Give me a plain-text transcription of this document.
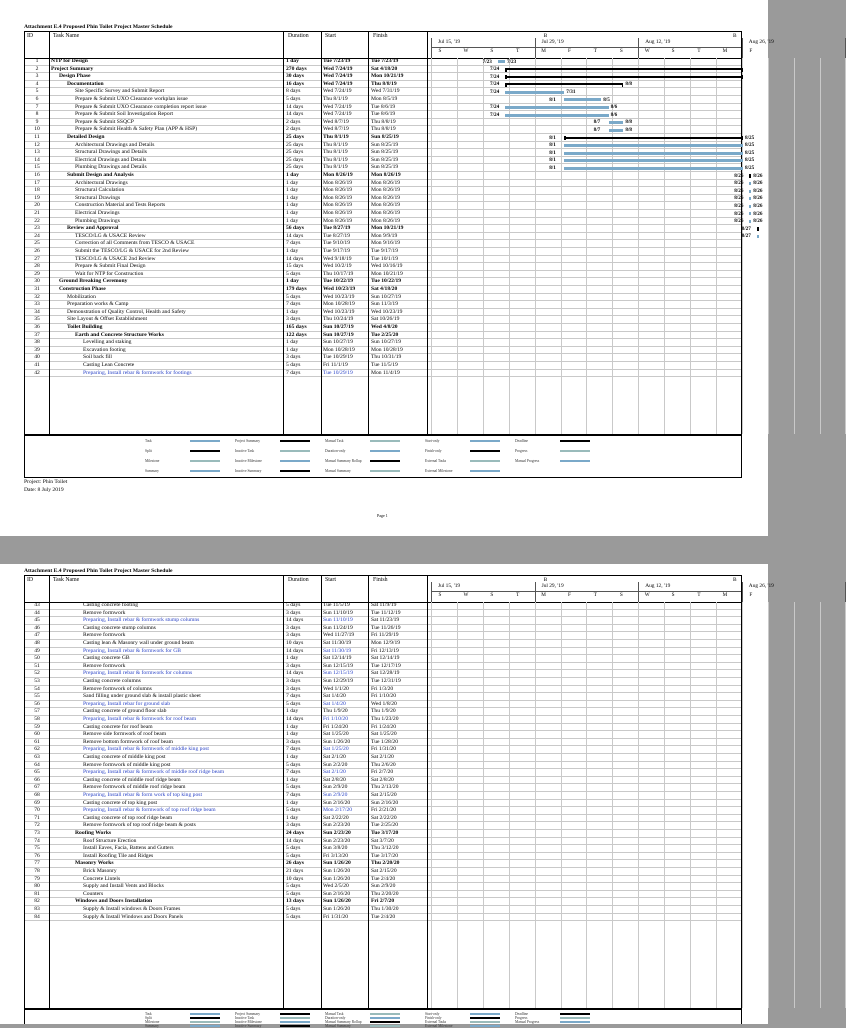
Attachment E.4 Proposed Phin Toilet Project Master Schedule
ID	Task Name	Duration	Start	Finish
Jul 15, '19	Jul 29, '19	Aug 12, '19	Aug 26, '19
B	B
S	W	S	T	M	F	T	S	W	S	T	M	F
1	NTP for Design	1 day	Tue 7/23/19	Tue 7/23/19
2	Project Summary	270 days	Wed 7/24/19	Sat 4/18/20
3	Design Phase	30 days	Wed 7/24/19	Mon 10/21/19
4	Documentation	16 days	Wed 7/24/19	Thu 8/8/19
5	Site Specific Survey and Submit Report	8 days	Wed 7/24/19	Wed 7/31/19
6	Prepare & Submit UXO Clearance workplan issue	5 days	Thu 8/1/19	Mon 8/5/19
7	Prepare & Submit UXO Clearance completion report issue	14 days	Wed 7/24/19	Tue 8/6/19
8	Prepare & Submit Soil Investigation Report	14 days	Wed 7/24/19	Tue 8/6/19
9	Prepare & Submit SSQCP	2 days	Wed 8/7/19	Thu 8/8/19
10	Prepare & Submit Health & Safety Plan (APP & HSP)	2 days	Wed 8/7/19	Thu 8/8/19
11	Detailed Design	25 days	Thu 8/1/19	Sun 8/25/19
12	Architectural Drawings and Details	25 days	Thu 8/1/19	Sun 8/25/19
13	Structural Drawings and Details	25 days	Thu 8/1/19	Sun 8/25/19
14	Electrical Drawings and Details	25 days	Thu 8/1/19	Sun 8/25/19
15	Plumbing Drawings and Details	25 days	Thu 8/1/19	Sun 8/25/19
16	Submit Design and Analysis	1 day	Mon 8/26/19	Mon 8/26/19
17	Architectural Drawings	1 day	Mon 8/26/19	Mon 8/26/19
18	Structural Calculation	1 day	Mon 8/26/19	Mon 8/26/19
19	Structural Drawings	1 day	Mon 8/26/19	Mon 8/26/19
20	Construction Material and Tests Reports	1 day	Mon 8/26/19	Mon 8/26/19
21	Electrical Drawings	1 day	Mon 8/26/19	Mon 8/26/19
22	Plumbing Drawings	1 day	Mon 8/26/19	Mon 8/26/19
23	Review and Approval	56 days	Tue 8/27/19	Mon 10/21/19
24	TESCO/LG & USACE Review	14 days	Tue 8/27/19	Mon 9/9/19
25	Correction of all Comments from TESCO & USACE	7 days	Tue 9/10/19	Mon 9/16/19
26	Submit the TESCO/LG & USACE for 2nd Review	1 day	Tue 9/17/19	Tue 9/17/19
27	TESCO/LG & USACE 2nd Review	14 days	Wed 9/18/19	Tue 10/1/19
28	Prepare & Submit Final Design	15 days	Wed 10/2/19	Wed 10/16/19
29	Wait for NTP for Construction	5 days	Thu 10/17/19	Mon 10/21/19
30	Ground Breaking Ceremony	1 day	Tue 10/22/19	Tue 10/22/19
31	Construction Phase	179 days	Wed 10/23/19	Sat 4/18/20
32	Mobilization	5 days	Wed 10/23/19	Sun 10/27/19
33	Preparation works & Camp	7 days	Mon 10/28/19	Sun 11/3/19
34	Demonstration of Quality Control, Health and Safety	1 day	Wed 10/23/19	Wed 10/23/19
35	Site Layout & Offset Establishment	3 days	Thu 10/24/19	Sat 10/26/19
36	Toilet Building	165 days	Sun 10/27/19	Wed 4/8/20
37	Earth and Concrete Structure Works	122 days	Sun 10/27/19	Tue 2/25/20
38	Levelling and staking	1 day	Sun 10/27/19	Sun 10/27/19
39	Excavation footing	1 day	Mon 10/28/19	Mon 10/28/19
40	Soil back fill	3 days	Tue 10/29/19	Thu 10/31/19
41	Casting Lean Concrete	5 days	Fri 11/1/19	Tue 11/5/19
42	Preparing, Install rebar & formwork for footings	7 days	Tue 10/29/19	Mon 11/4/19
7/23	7/23
7/24
7/24
7/24	8/8
7/24	7/31
8/1	8/5
7/24	8/6
7/24	8/6
8/7	8/8
8/7	8/8
8/1	8/25
8/1	8/25
8/1	8/25
8/1	8/25
8/1	8/25
8/26 8/26
8/26 8/26
8/26 8/26
8/26 8/26
8/26 8/26
8/26 8/26
8/26 8/26
8/27
8/27
Task
Split
Milestone
Summary
Project Summary
Inactive Task
Inactive Milestone
Inactive Summary
Manual Task
Duration-only
Manual Summary Rollup
Manual Summary
Start-only
Finish-only
External Tasks
External Milestone
Deadline
Progress
Manual Progress
Project: Phin Toilet
Date: 8 July 2019
Page 1
Attachment E.4 Proposed Phin Toilet Project Master Schedule
ID	Task Name	Duration	Start	Finish
Jul 15, '19	Jul 29, '19	Aug 12, '19	Aug 26, '19
B	B
S	W	S	T	M	F	T	S	W	S	T	M	F
43	Casting concrete footing	5 days	Tue 11/5/19	Sat 11/9/19
44	Remove formwork	3 days	Sun 11/10/19	Tue 11/12/19
45	Preparing, Install rebar & formwork stump columns	14 days	Sun 11/10/19	Sat 11/23/19
46	Casting concrete stump columns	3 days	Sun 11/24/19	Tue 11/26/19
47	Remove formwork	3 days	Wed 11/27/19	Fri 11/29/19
48	Casting lean & Masonry wall under ground beam	10 days	Sat 11/30/19	Mon 12/9/19
49	Preparing, Install rebar & formwork for GB	14 days	Sat 11/30/19	Fri 12/13/19
50	Casting concrete GB	1 day	Sat 12/14/19	Sat 12/14/19
51	Remove formwork	3 days	Sun 12/15/19	Tue 12/17/19
52	Preparing, Install rebar & formwork for columns	14 days	Sun 12/15/19	Sat 12/28/19
53	Casting concrete columns	3 days	Sun 12/29/19	Tue 12/31/19
54	Remove formwork of columns	3 days	Wed 1/1/20	Fri 1/3/20
55	Sand filling under ground slab & install plastic sheet	7 days	Sat 1/4/20	Fri 1/10/20
56	Preparing, Install rebar for ground slab	5 days	Sat 1/4/20	Wed 1/8/20
57	Casting concrete of ground floor slab	1 day	Thu 1/9/20	Thu 1/9/20
58	Preparing, Install rebar & formwork for roof beam	14 days	Fri 1/10/20	Thu 1/23/20
59	Casting concrete for roof beam	1 day	Fri 1/24/20	Fri 1/24/20
60	Remove side formwork of roof beam	1 day	Sat 1/25/20	Sat 1/25/20
61	Remove bottom formwork of roof beam	3 days	Sun 1/26/20	Tue 1/28/20
62	Preparing, Install rebar & formwork of middle king post	7 days	Sat 1/25/20	Fri 1/31/20
63	Casting concrete of middle king post	1 day	Sat 2/1/20	Sat 2/1/20
64	Remove formwork of middle king post	5 days	Sun 2/2/20	Thu 2/6/20
65	Preparing, Install rebar & formwork of middle roof ridge beam	7 days	Sat 2/1/20	Fri 2/7/20
66	Casting concrete of middle roof ridge beam	1 day	Sat 2/8/20	Sat 2/8/20
67	Remove formwork of middle roof ridge beam	5 days	Sun 2/9/20	Thu 2/13/20
68	Preparing, Install rebar & form work of top king post	7 days	Sun 2/9/20	Sat 2/15/20
69	Casting concrete of top king post	1 day	Sun 2/16/20	Sun 2/16/20
70	Preparing, Install rebar & formwork of top roof ridge beam	5 days	Mon 2/17/20	Fri 2/21/20
71	Casting concrete of top roof ridge beam	1 day	Sat 2/22/20	Sat 2/22/20
72	Remove formwork of top roof ridge beam & posts	3 days	Sun 2/23/20	Tue 2/25/20
73	Roofing Works	24 days	Sun 2/23/20	Tue 3/17/20
74	Roof Structure Erection	14 days	Sun 2/23/20	Sat 3/7/20
75	Install Eaves, Facia, Battens and Gutters	5 days	Sun 3/8/20	Thu 3/12/20
76	Install Roofing Tile and Ridges	5 days	Fri 3/13/20	Tue 3/17/20
77	Masonry Works	26 days	Sun 1/26/20	Thu 2/20/20
78	Brick Masonry	21 days	Sun 1/26/20	Sat 2/15/20
79	Concrete Lintels	10 days	Sun 1/26/20	Tue 2/4/20
80	Supply and Install Vents and Blocks	5 days	Wed 2/5/20	Sun 2/9/20
81	Counters	5 days	Sun 2/16/20	Thu 2/20/20
82	Windows and Doors Installation	13 days	Sun 1/26/20	Fri 2/7/20
83	Supply & Install windows & Doors Frames	5 days	Sun 1/26/20	Thu 1/30/20
84	Supply & Install Windows and Doors Panels	5 days	Fri 1/31/20	Tue 2/4/20
Task
Split
Milestone
Summary
Project Summary
Inactive Task
Inactive Milestone
Inactive Summary
Manual Task
Duration-only
Manual Summary Rollup
Manual Summary
Start-only
Finish-only
External Tasks
External Milestone
Deadline
Progress
Manual Progress
